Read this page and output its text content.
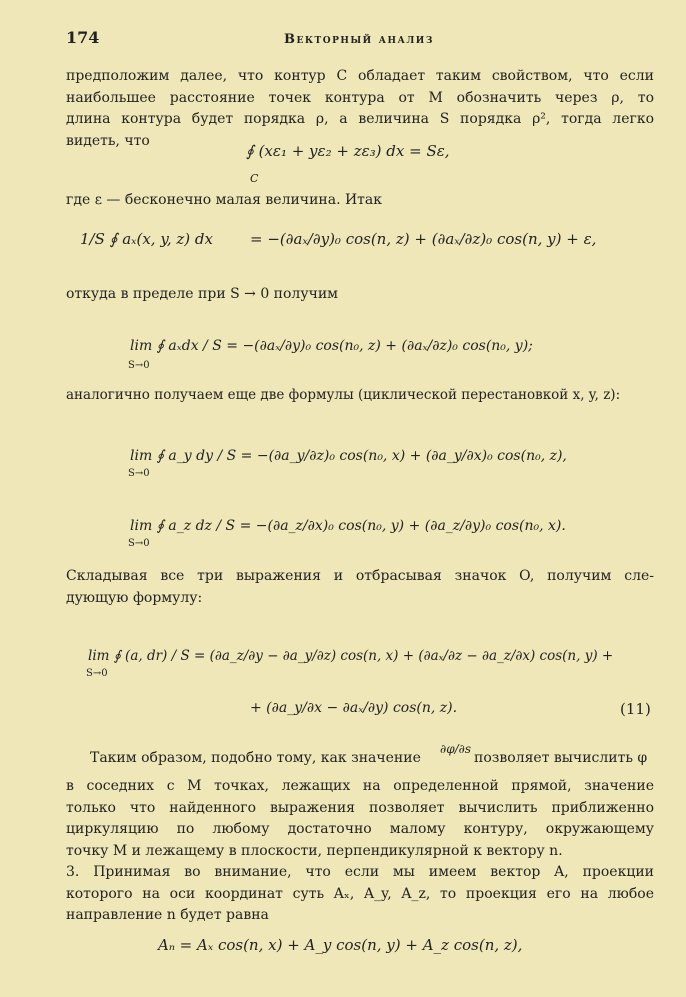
174	Векторный анализ
предположим далее, что контур C обладает таким свойством, что если
наибольшее расстояние точек контура от M обозначить через ρ, то
длина контура будет порядка ρ, а величина S порядка ρ², тогда легко
видеть, что
∮ (xε₁ + yε₂ + zε₃) dx = Sε,
C
где ε — бесконечно малая величина. Итак
1/S ∮ aₓ(x, y, z) dx = −(∂aₓ/∂y)₀ cos(n, z) + (∂aₓ/∂z)₀ cos(n, y) + ε,
откуда в пределе при S → 0 получим
lim ∮ aₓdx / S = −(∂aₓ/∂y)₀ cos(n₀, z) + (∂aₓ/∂z)₀ cos(n₀, y);
S→0
аналогично получаем еще две формулы (циклической перестановкой x, y, z):
lim ∮ a_y dy / S = −(∂a_y/∂z)₀ cos(n₀, x) + (∂a_y/∂x)₀ cos(n₀, z),
S→0
lim ∮ a_z dz / S = −(∂a_z/∂x)₀ cos(n₀, y) + (∂a_z/∂y)₀ cos(n₀, x).
S→0
Складывая все три выражения и отбрасывая значок O, получим сле-
дующую формулу:
lim ∮ (a, dr) / S = (∂a_z/∂y − ∂a_y/∂z) cos(n, x) + (∂aₓ/∂z − ∂a_z/∂x) cos(n, y) +
S→0
+ (∂a_y/∂x − ∂aₓ/∂y) cos(n, z).	(11)
Таким образом, подобно тому, как значение
∂φ/∂s
позволяет вычислить φ
в соседних с M точках, лежащих на определенной прямой, значение
только что найденного выражения позволяет вычислить приближенно
циркуляцию по любому достаточно малому контуру, окружающему
точку M и лежащему в плоскости, перпендикулярной к вектору n.
3. Принимая во внимание, что если мы имеем вектор A, проекции
которого на оси координат суть Aₓ, A_y, A_z, то проекция его на любое
направление n будет равна
Aₙ = Aₓ cos(n, x) + A_y cos(n, y) + A_z cos(n, z),
